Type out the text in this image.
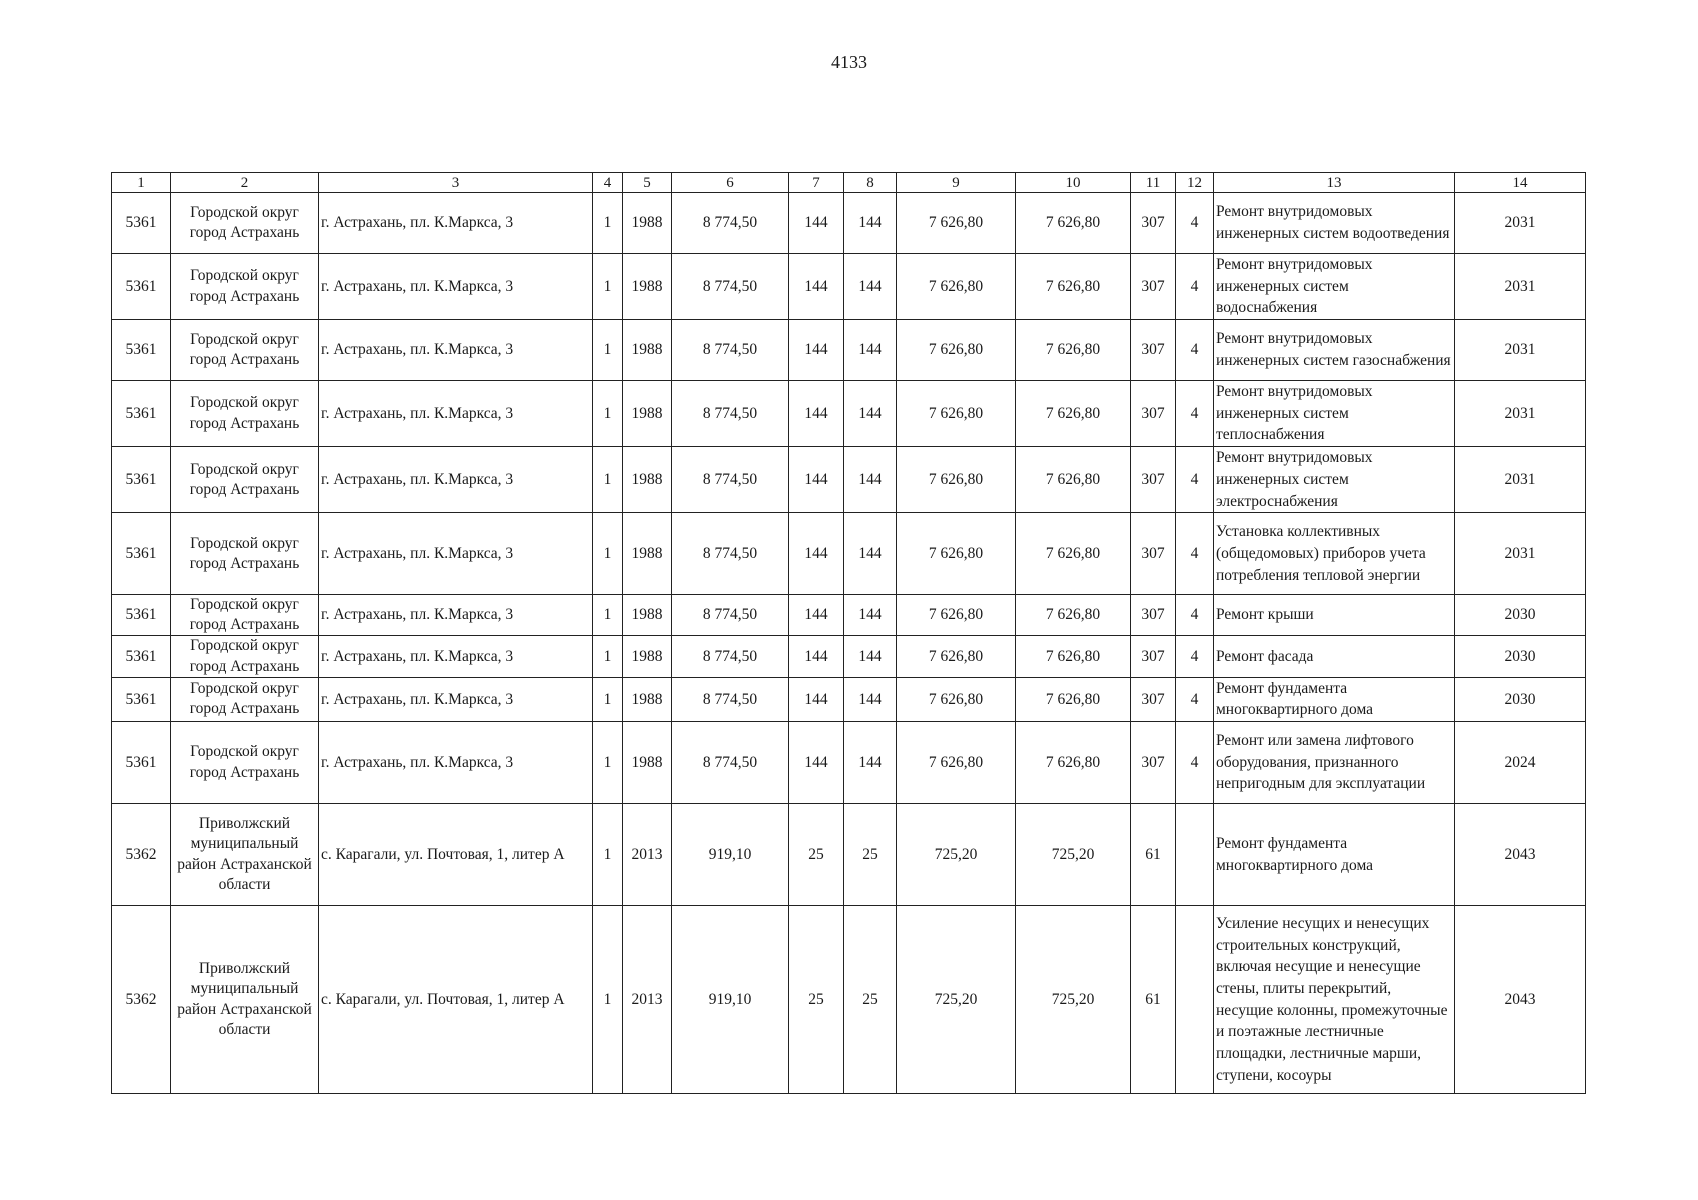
4133
1	2	3	4	5	6	7	8	9	10	11	12	13	14
5361	Городской округ город Астрахань	г. Астрахань, пл. К.Маркса, 3	1	1988	8 774,50	144	144	7 626,80	7 626,80	307	4	Ремонт внутридомовых инженерных систем водоотведения	2031
5361	Городской округ город Астрахань	г. Астрахань, пл. К.Маркса, 3	1	1988	8 774,50	144	144	7 626,80	7 626,80	307	4	Ремонт внутридомовых инженерных систем водоснабжения	2031
5361	Городской округ город Астрахань	г. Астрахань, пл. К.Маркса, 3	1	1988	8 774,50	144	144	7 626,80	7 626,80	307	4	Ремонт внутридомовых инженерных систем газоснабжения	2031
5361	Городской округ город Астрахань	г. Астрахань, пл. К.Маркса, 3	1	1988	8 774,50	144	144	7 626,80	7 626,80	307	4	Ремонт внутридомовых инженерных систем теплоснабжения	2031
5361	Городской округ город Астрахань	г. Астрахань, пл. К.Маркса, 3	1	1988	8 774,50	144	144	7 626,80	7 626,80	307	4	Ремонт внутридомовых инженерных систем электроснабжения	2031
5361	Городской округ город Астрахань	г. Астрахань, пл. К.Маркса, 3	1	1988	8 774,50	144	144	7 626,80	7 626,80	307	4	Установка коллективных (общедомовых) приборов учета потребления тепловой энергии	2031
5361	Городской округ город Астрахань	г. Астрахань, пл. К.Маркса, 3	1	1988	8 774,50	144	144	7 626,80	7 626,80	307	4	Ремонт крыши	2030
5361	Городской округ город Астрахань	г. Астрахань, пл. К.Маркса, 3	1	1988	8 774,50	144	144	7 626,80	7 626,80	307	4	Ремонт фасада	2030
5361	Городской округ город Астрахань	г. Астрахань, пл. К.Маркса, 3	1	1988	8 774,50	144	144	7 626,80	7 626,80	307	4	Ремонт фундамента многоквартирного дома	2030
5361	Городской округ город Астрахань	г. Астрахань, пл. К.Маркса, 3	1	1988	8 774,50	144	144	7 626,80	7 626,80	307	4	Ремонт или замена лифтового оборудования, признанного непригодным для эксплуатации	2024
5362	Приволжский муниципальный район Астраханской области	с. Карагали, ул. Почтовая, 1, литер А	1	2013	919,10	25	25	725,20	725,20	61		Ремонт фундамента многоквартирного дома	2043
5362	Приволжский муниципальный район Астраханской области	с. Карагали, ул. Почтовая, 1, литер А	1	2013	919,10	25	25	725,20	725,20	61		Усиление несущих и ненесущих строительных конструкций, включая несущие и ненесущие стены, плиты перекрытий, несущие колонны, промежуточные и поэтажные лестничные площадки, лестничные марши, ступени, косоуры	2043
